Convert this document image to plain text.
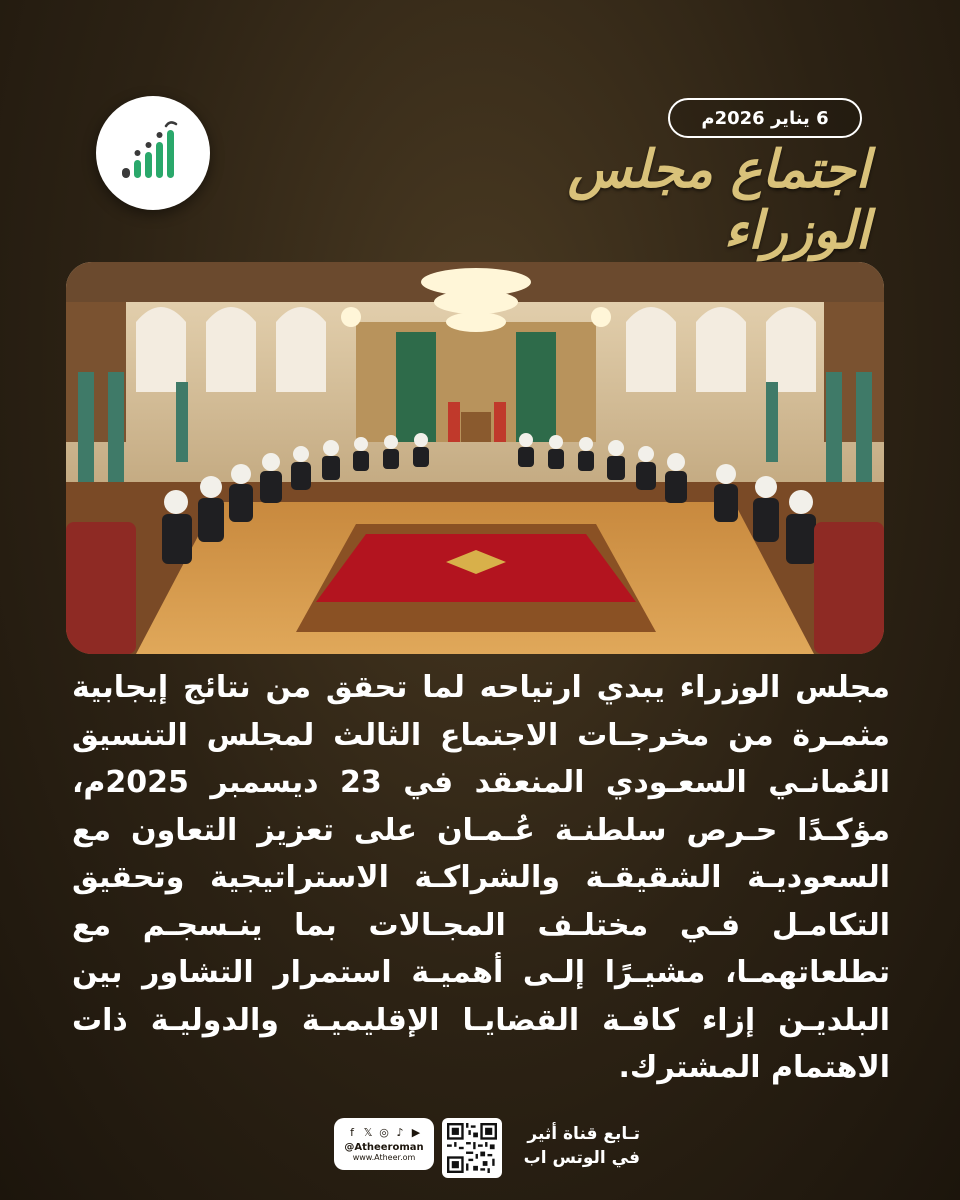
6 يناير 2026م
اجتماع مجلس الوزراء
مجلس الوزراء يبدي ارتياحه لما تحقق من نتائج إيجابية مثمـرة من مخرجـات الاجتماع الثالث لمجلس التنسيق العُمانـي السعـودي المنعقد في 23 ديسمبر 2025م، مؤكـدًا حـرص سلطنـة عُـمـان على تعزيز التعاون مع السعوديـة الشقيقـة والشراكـة الاستراتيجية وتحقيق التكامـل فـي مختلـف المجـالات بما ينـسجـم مع تطلعاتهمـا، مشيـرًا إلـى أهميـة استمرار التشاور بين البلديـن إزاء كافـة القضايـا الإقليميـة والدوليـة ذات الاهتمام المشترك.
f 𝕏 ◎ ♪ ▶
@Atheeroman
www.Atheer.om
تـابع قناة أثير
في الوتس اب
